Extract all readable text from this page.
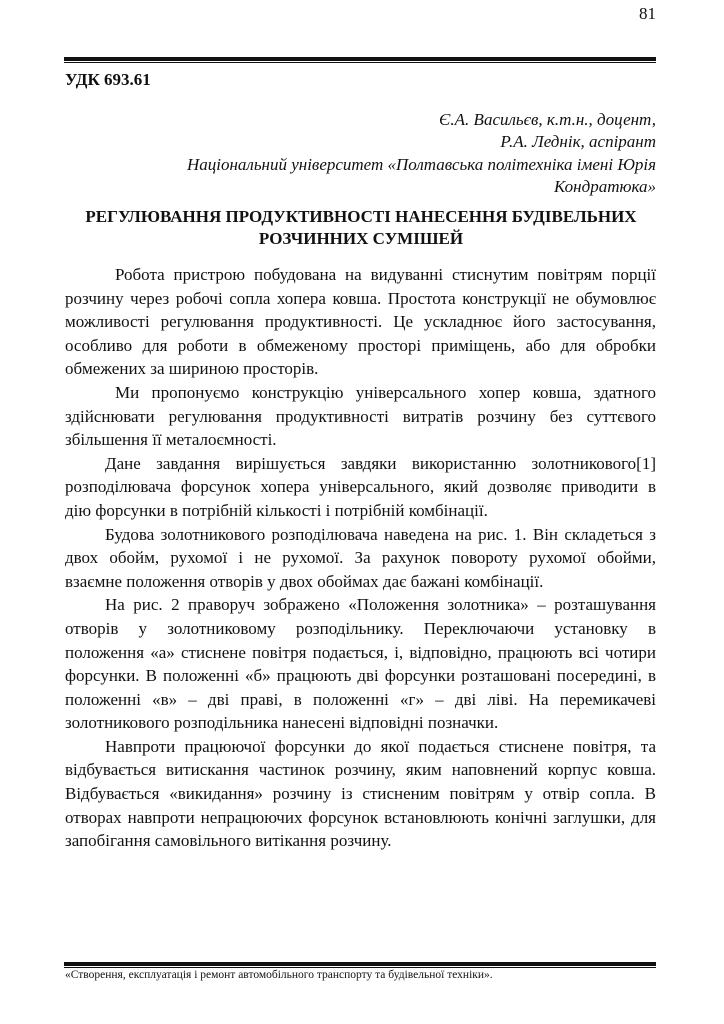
81
УДК 693.61
Є.А. Васильєв, к.т.н., доцент,
Р.А. Леднік, аспірант
Національний університет «Полтавська політехніка імені Юрія
Кондратюка»
РЕГУЛЮВАННЯ ПРОДУКТИВНОСТІ НАНЕСЕННЯ БУДІВЕЛЬНИХ
РОЗЧИННИХ СУМІШЕЙ
Робота пристрою побудована на видуванні стиснутим повітрям порції
розчину через робочі сопла хопера ковша. Простота конструкції не обумовлює
можливості регулювання продуктивності. Це ускладнює його застосування,
особливо для роботи в обмеженому просторі приміщень, або для обробки
обмежених за шириною просторів.
Ми пропонуємо конструкцію універсального хопер ковша, здатного
здійснювати регулювання продуктивності витратів розчину без суттєвого
збільшення її металоємності.
Дане завдання вирішується завдяки використанню золотникового[1]
розподілювача форсунок хопера універсального, який дозволяє приводити в
дію форсунки в потрібній кількості і потрібній комбінації.
Будова золотникового розподілювача наведена на рис. 1. Він складеться з
двох обойм, рухомої і не рухомої. За рахунок повороту рухомої обойми,
взаємне положення отворів у двох обоймах дає бажані комбінації.
На рис. 2 праворуч зображено «Положення золотника» – розташування
отворів у золотниковому розподільнику. Переключаючи установку в
положення «а» стиснене повітря подається, і, відповідно, працюють всі чотири
форсунки. В положенні «б» працюють дві форсунки розташовані посередині, в
положенні «в» – дві праві, в положенні «г» – дві ліві. На перемикачеві
золотникового розподільника нанесені відповідні позначки.
Навпроти працюючої форсунки до якої подається стиснене повітря, та
відбувається витискання частинок розчину, яким наповнений корпус ковша.
Відбувається «викидання» розчину із стисненим повітрям у отвір сопла. В
отворах навпроти непрацюючих форсунок встановлюють конічні заглушки, для
запобігання самовільного витікання розчину.
«Створення, експлуатація і ремонт автомобільного транспорту та будівельної техніки».
